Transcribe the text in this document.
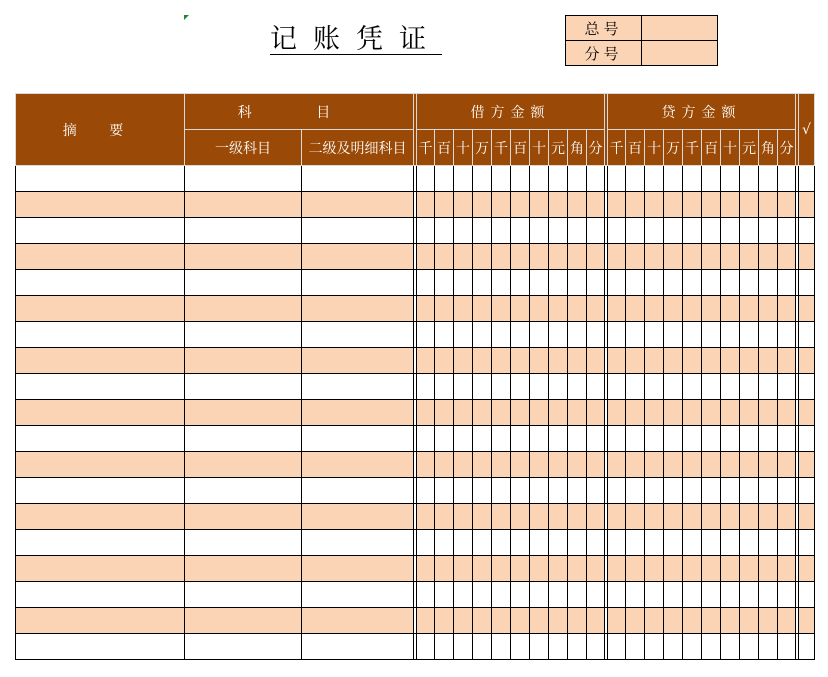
记账凭证	总号	
分号	
摘 要	科 目			借方金额											贷方金额											√
	一级科目	二级及明细科目		千	百	十	万	千	百	十	元	角	分		千	百	十	万	千	百	十	元	角	分		
